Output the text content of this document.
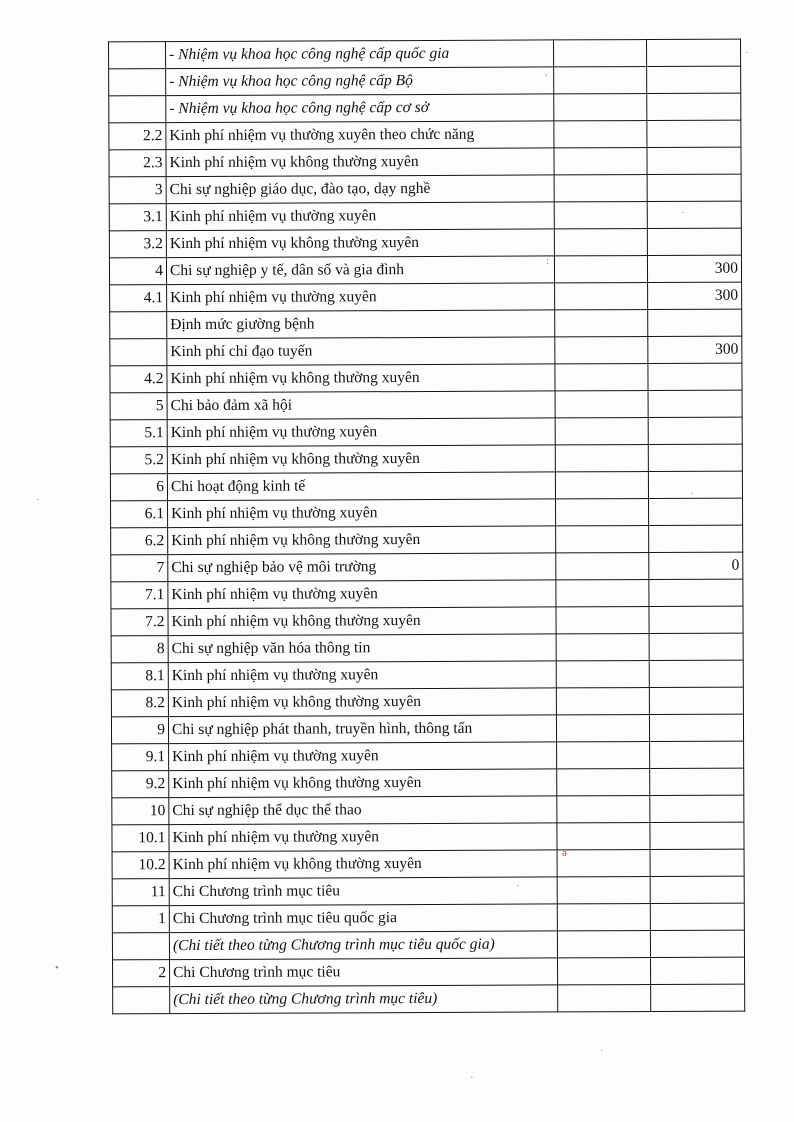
	- Nhiệm vụ khoa học công nghệ cấp quốc gia		
	- Nhiệm vụ khoa học công nghệ cấp Bộ		
	- Nhiệm vụ khoa học công nghệ cấp cơ sở		
2.2	Kinh phí nhiệm vụ thường xuyên theo chức năng		
2.3	Kinh phí nhiệm vụ không thường xuyên		
3	Chi sự nghiệp giáo dục, đào tạo, dạy nghề		
3.1	Kinh phí nhiệm vụ thường xuyên		
3.2	Kinh phí nhiệm vụ không thường xuyên		
4	Chi sự nghiệp y tế, dân số và gia đình		300
4.1	Kinh phí nhiệm vụ thường xuyên		300
	Định mức giường bệnh		
	Kinh phí chỉ đạo tuyến		300
4.2	Kinh phí nhiệm vụ không thường xuyên		
5	Chi bảo đảm xã hội		
5.1	Kinh phí nhiệm vụ thường xuyên		
5.2	Kinh phí nhiệm vụ không thường xuyên		
6	Chi hoạt động kinh tế		
6.1	Kinh phí nhiệm vụ thường xuyên		
6.2	Kinh phí nhiệm vụ không thường xuyên		
7	Chi sự nghiệp bảo vệ môi trường		0
7.1	Kinh phí nhiệm vụ thường xuyên		
7.2	Kinh phí nhiệm vụ không thường xuyên		
8	Chi sự nghiệp văn hóa thông tin		
8.1	Kinh phí nhiệm vụ thường xuyên		
8.2	Kinh phí nhiệm vụ không thường xuyên		
9	Chi sự nghiệp phát thanh, truyền hình, thông tấn		
9.1	Kinh phí nhiệm vụ thường xuyên		
9.2	Kinh phí nhiệm vụ không thường xuyên		
10	Chi sự nghiệp thể dục thể thao		
10.1	Kinh phí nhiệm vụ thường xuyên		
10.2	Kinh phí nhiệm vụ không thường xuyên		
11	Chi Chương trình mục tiêu		
1	Chi Chương trình mục tiêu quốc gia		
	(Chi tiết theo từng Chương trình mục tiêu quốc gia)		
2	Chi Chương trình mục tiêu		
	(Chi tiết theo từng Chương trình mục tiêu)		
·
'
·
:
·
ə
·
•
·
·
·
